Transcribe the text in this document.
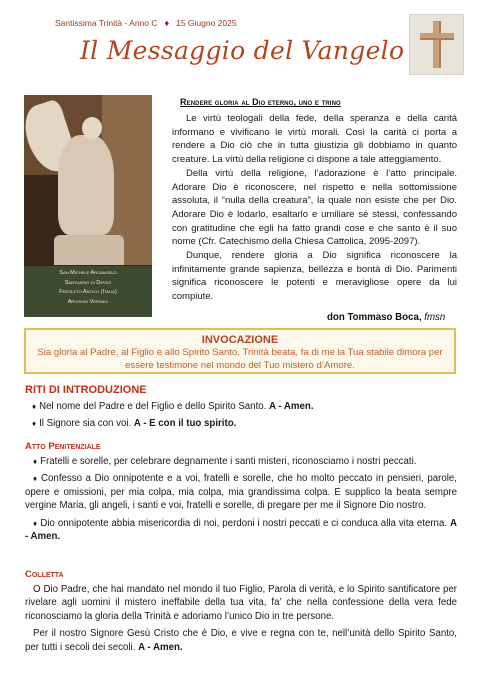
Santissima Trinità - Anno C ♦ 15 Giugno 2025
Il Messaggio del Vangelo
San Michele Arcangelo
Santuario di Dipodi
Feroleto Antico (Italia)
Archivio Versaci
Rendere gloria al Dio eterno, uno e trino

Le virtù teologali della fede, della speranza e della carità informano e vivificano le virtù morali. Così la carità ci porta a rendere a Dio ciò che in tutta giustizia gli dobbiamo in quanto creature. La virtù della religione ci dispone a tale atteggiamento.

Della virtù della religione, l’adorazione è l’atto principale. Adorare Dio è riconoscere, nel rispetto e nella sottomissione assoluta, il “nulla della creatura”, la quale non esiste che per Dio. Adorare Dio è lodarlo, esaltarlo e umiliare sé stessi, confessando con gratitudine che egli ha fatto grandi cose e che santo è il suo nome (Cfr. Catechismo della Chiesa Cattolica, 2095-2097).

Dunque, rendere gloria a Dio significa riconoscere la infinitamente grande sapienza, bellezza e bontà di Dio. Parimenti significa riconoscere le potenti e meravigliose opere da lui compiute.

don Tommaso Boca, fmsn
INVOCAZIONE
Sia gloria al Padre, al Figlio e allo Spirito Santo. Trinità beata, fa di me la Tua stabile dimora per essere testimone nel mondo del Tuo mistero d’Amore.
RITI DI INTRODUZIONE
♦ Nel nome del Padre e del Figlio e dello Spirito Santo. A - Amen.
♦ Il Signore sia con voi. A - E con il tuo spirito.
Atto Penitenziale

♦ Fratelli e sorelle, per celebrare degnamente i santi misteri, riconosciamo i nostri peccati.

♦ Confesso a Dio onnipotente e a voi, fratelli e sorelle, che ho molto peccato in pensieri, parole, opere e omissioni, per mia colpa, mia colpa, mia grandissima colpa. E supplico la beata sempre vergine Maria, gli angeli, i santi e voi, fratelli e sorelle, di pregare per me il Signore Dio nostro.

♦ Dio onnipotente abbia misericordia di noi, perdoni i nostri peccati e ci conduca alla vita eterna. A - Amen.

Colletta

O Dio Padre, che hai mandato nel mondo il tuo Figlio, Parola di verità, e lo Spirito santificatore per rivelare agli uomini il mistero ineffabile della tua vita, fa’ che nella confessione della vera fede riconosciamo la gloria della Trinità e adoriamo l’unico Dio in tre persone.

Per il nostro Signore Gesù Cristo che è Dio, e vive e regna con te, nell’unità dello Spirito Santo, per tutti i secoli dei secoli. A - Amen.
